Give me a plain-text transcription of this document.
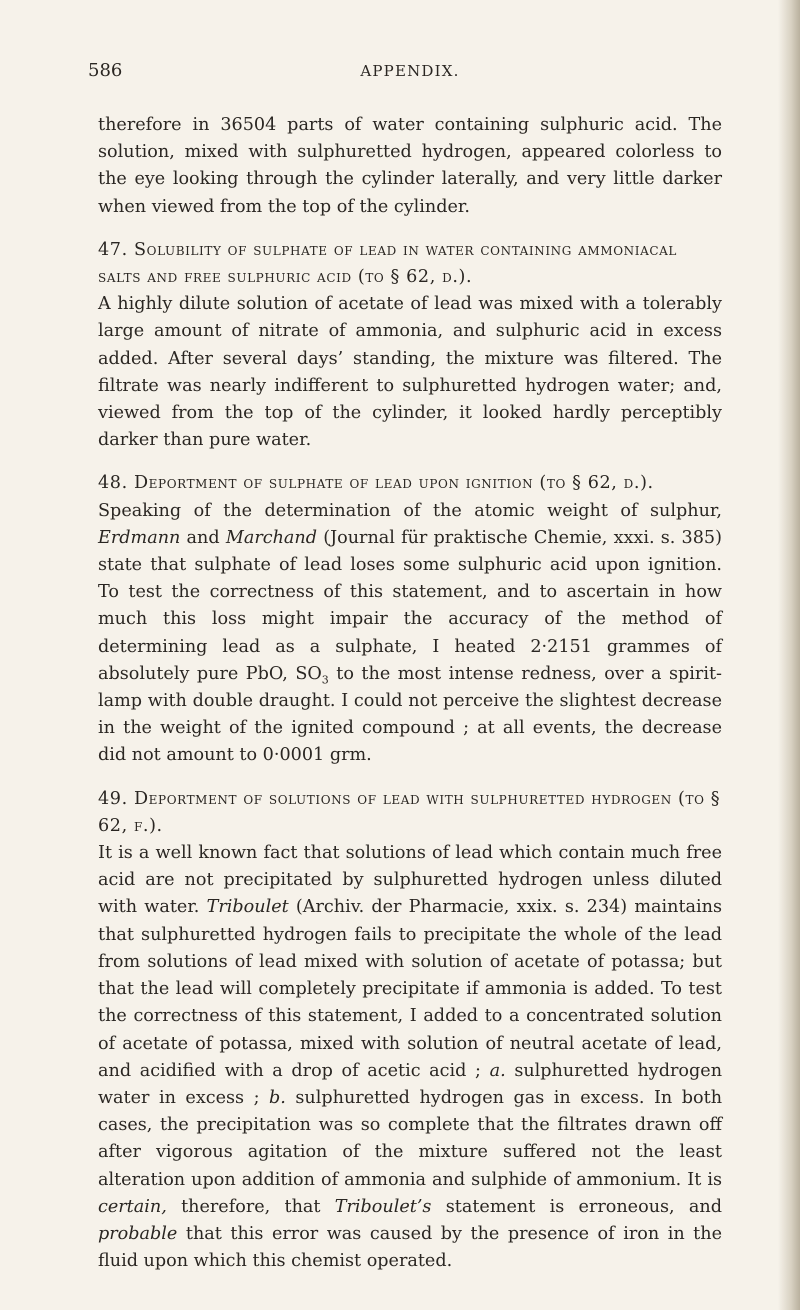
586	APPENDIX.

therefore in 36504 parts of water containing sulphuric acid. The solution, mixed with sulphuretted hydrogen, appeared colorless to the eye looking through the cylinder laterally, and very little darker when viewed from the top of the cylinder.

47. Solubility of sulphate of lead in water containing ammoniacal salts and free sulphuric acid (to § 62, d.).

A highly dilute solution of acetate of lead was mixed with a tolerably large amount of nitrate of ammonia, and sulphuric acid in excess added. After several days’ standing, the mixture was filtered. The filtrate was nearly indifferent to sulphuretted hydrogen water; and, viewed from the top of the cylinder, it looked hardly perceptibly darker than pure water.

48. Deportment of sulphate of lead upon ignition (to § 62, d.).

Speaking of the determination of the atomic weight of sulphur, Erdmann and Marchand (Journal für praktische Chemie, xxxi. s. 385) state that sulphate of lead loses some sulphuric acid upon ignition. To test the correctness of this statement, and to ascertain in how much this loss might impair the accuracy of the method of determining lead as a sulphate, I heated 2·2151 grammes of absolutely pure PbO, $SO_3$ to the most intense redness, over a spirit-lamp with double draught. I could not perceive the slightest decrease in the weight of the ignited compound ; at all events, the decrease did not amount to 0·0001 grm.

49. Deportment of solutions of lead with sulphuretted hydrogen (to § 62, f.).

It is a well known fact that solutions of lead which contain much free acid are not precipitated by sulphuretted hydrogen unless diluted with water. Triboulet (Archiv. der Pharmacie, xxix. s. 234) maintains that sulphuretted hydrogen fails to precipitate the whole of the lead from solutions of lead mixed with solution of acetate of potassa; but that the lead will completely precipitate if ammonia is added. To test the correctness of this statement, I added to a concentrated solution of acetate of potassa, mixed with solution of neutral acetate of lead, and acidified with a drop of acetic acid ; a. sulphuretted hydrogen water in excess ; b. sulphuretted hydrogen gas in excess. In both cases, the precipitation was so complete that the filtrates drawn off after vigorous agitation of the mixture suffered not the least alteration upon addition of ammonia and sulphide of ammonium. It is certain, therefore, that Triboulet’s statement is erroneous, and probable that this error was caused by the presence of iron in the fluid upon which this chemist operated.
